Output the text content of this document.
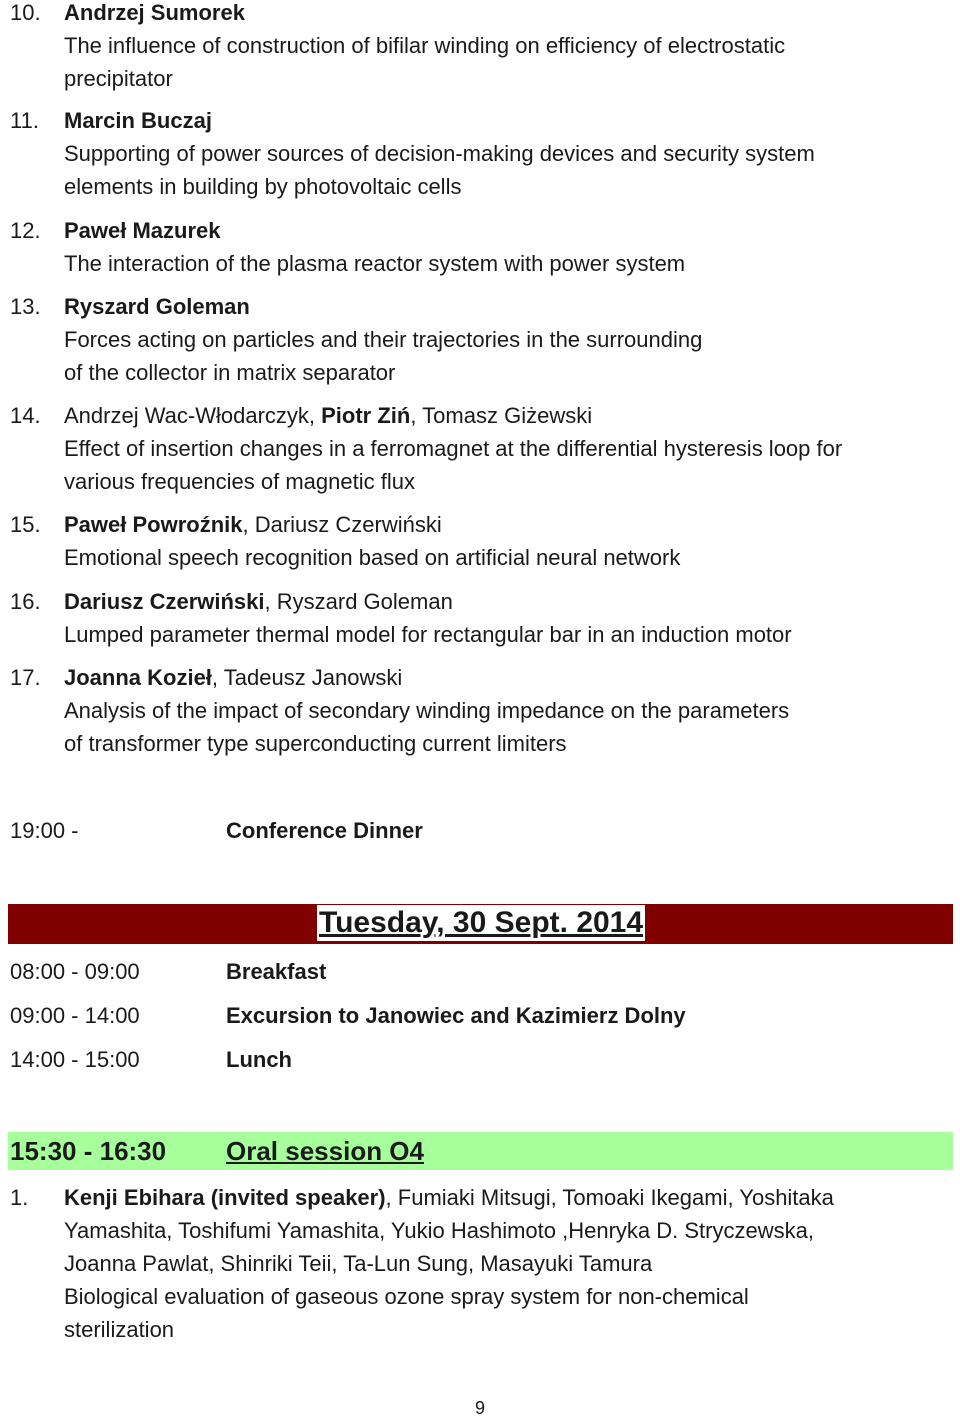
10. Andrzej Sumorek
The influence of construction of bifilar winding on efficiency of electrostatic
precipitator
11. Marcin Buczaj
Supporting of power sources of decision-making devices and security system
elements in building by photovoltaic cells
12. Paweł Mazurek
The interaction of the plasma reactor system with power system
13. Ryszard Goleman
Forces acting on particles and their trajectories in the surrounding
of the collector in matrix separator
14. Andrzej Wac-Włodarczyk, Piotr Ziń, Tomasz Giżewski
Effect of insertion changes in a ferromagnet at the differential hysteresis loop for
various frequencies of magnetic flux
15. Paweł Powroźnik, Dariusz Czerwiński
Emotional speech recognition based on artificial neural network
16. Dariusz Czerwiński, Ryszard Goleman
Lumped parameter thermal model for rectangular bar in an induction motor
17. Joanna Kozieł, Tadeusz Janowski
Analysis of the impact of secondary winding impedance on the parameters
of transformer type superconducting current limiters
19:00 -	Conference Dinner
Tuesday, 30 Sept. 2014
08:00 - 09:00	Breakfast
09:00 - 14:00	Excursion to Janowiec and Kazimierz Dolny
14:00 - 15:00	Lunch
15:30 - 16:30 Oral session O4
1. Kenji Ebihara (invited speaker), Fumiaki Mitsugi, Tomoaki Ikegami, Yoshitaka
Yamashita, Toshifumi Yamashita, Yukio Hashimoto ,Henryka D. Stryczewska,
Joanna Pawlat, Shinriki Teii, Ta-Lun Sung, Masayuki Tamura
Biological evaluation of gaseous ozone spray system for non-chemical
sterilization
9
